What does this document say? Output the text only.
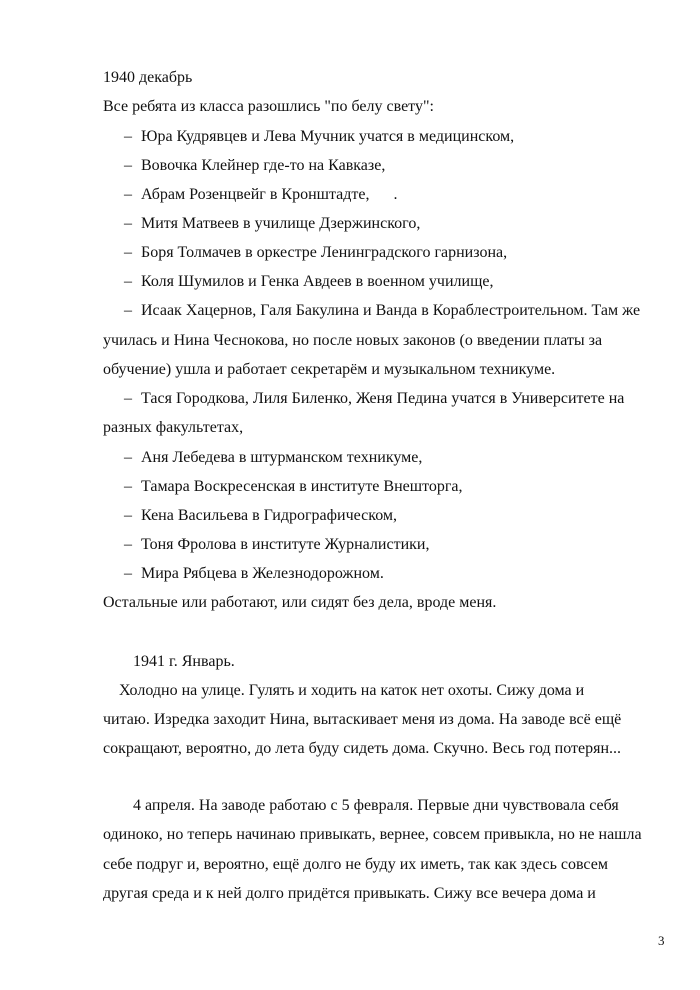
1940 декабрь
Все ребята из класса разошлись "по белу свету":
– Юра Кудрявцев и Лева Мучник учатся в медицинском,
– Вовочка Клейнер где-то на Кавказе,
– Абрам Розенцвейг в Кронштадте,      .
– Митя Матвеев в училище Дзержинского,
– Боря Толмачев в оркестре Ленинградского гарнизона,
– Коля Шумилов и Генка Авдеев в военном училище,
– Исаак Хацернов, Галя Бакулина и Ванда в Кораблестроительном. Там же
училась и Нина Чеснокова, но после новых законов (о введении платы за
обучение) ушла и работает секретарём и музыкальном техникуме.
– Тася Городкова, Лиля Биленко, Женя Педина учатся в Университете на
разных факультетах,
– Аня Лебедева в штурманском техникуме,
– Тамара Воскресенская в институте Внешторга,
– Кена Васильева в Гидрографическом,
– Тоня Фролова в институте Журналистики,
– Мира Рябцева в Железнодорожном.
Остальные или работают, или сидят без дела, вроде меня.
1941 г. Январь.
Холодно на улице. Гулять и ходить на каток нет охоты. Сижу дома и
читаю. Изредка заходит Нина, вытаскивает меня из дома. На заводе всё ещё
сокращают, вероятно, до лета буду сидеть дома. Скучно. Весь год потерян...
4 апреля. На заводе работаю с 5 февраля. Первые дни чувствовала себя
одиноко, но теперь начинаю привыкать, вернее, совсем привыкла, но не нашла
себе подруг и, вероятно, ещё долго не буду их иметь, так как здесь совсем
другая среда и к ней долго придётся привыкать. Сижу все вечера дома и
3
